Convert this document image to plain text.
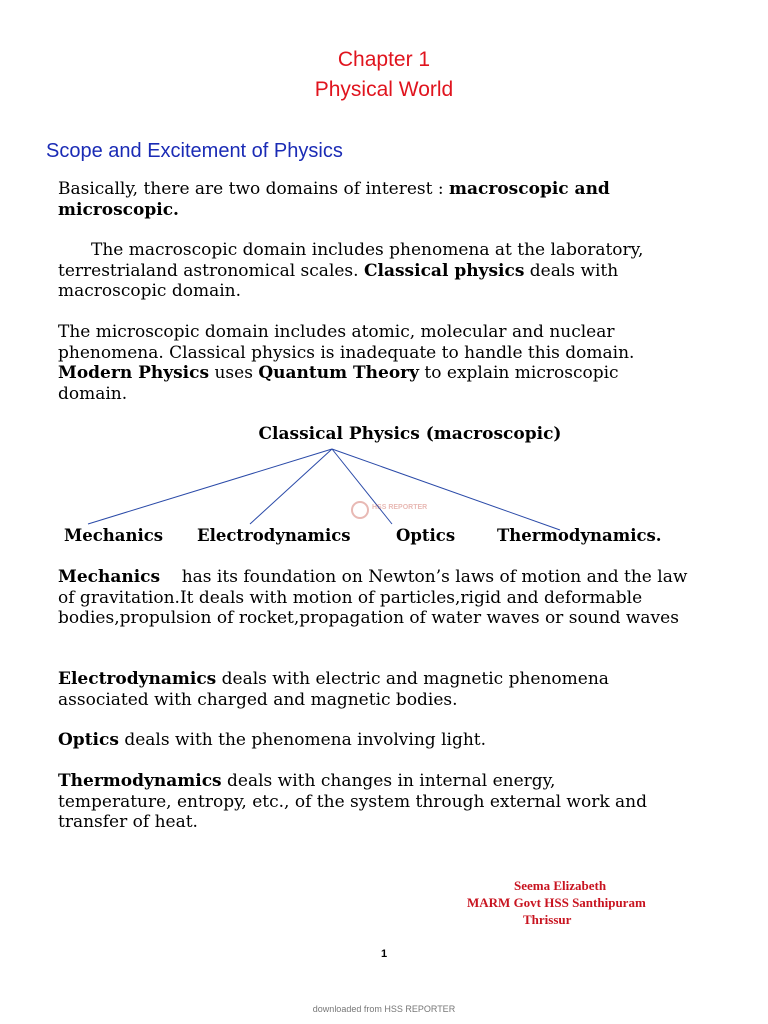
Chapter 1
Physical World
Scope and Excitement of Physics

Basically, there are two domains of interest : macroscopic and microscopic.

The macroscopic domain includes phenomena at the laboratory, terrestrialand astronomical scales. Classical physics deals with macroscopic domain.

The microscopic domain includes atomic, molecular and nuclear phenomena. Classical physics is inadequate to handle this domain. Modern Physics uses Quantum Theory to explain microscopic domain.

Classical Physics (macroscopic)
HSS REPORTER
Mechanics Electrodynamics	Optics	Thermodynamics.

Mechanics    has its foundation on Newton’s laws of motion and the law of gravitation.It deals with motion of particles,rigid and deformable bodies,propulsion of rocket,propagation of water waves or sound waves

Electrodynamics deals with electric and magnetic phenomena associated with charged and magnetic bodies.

Optics deals with the phenomena involving light.

Thermodynamics deals with changes in internal energy, temperature, entropy, etc., of the system through external work and transfer of heat.

Seema Elizabeth
MARM Govt HSS Santhipuram
Thrissur
1
downloaded from HSS REPORTER
